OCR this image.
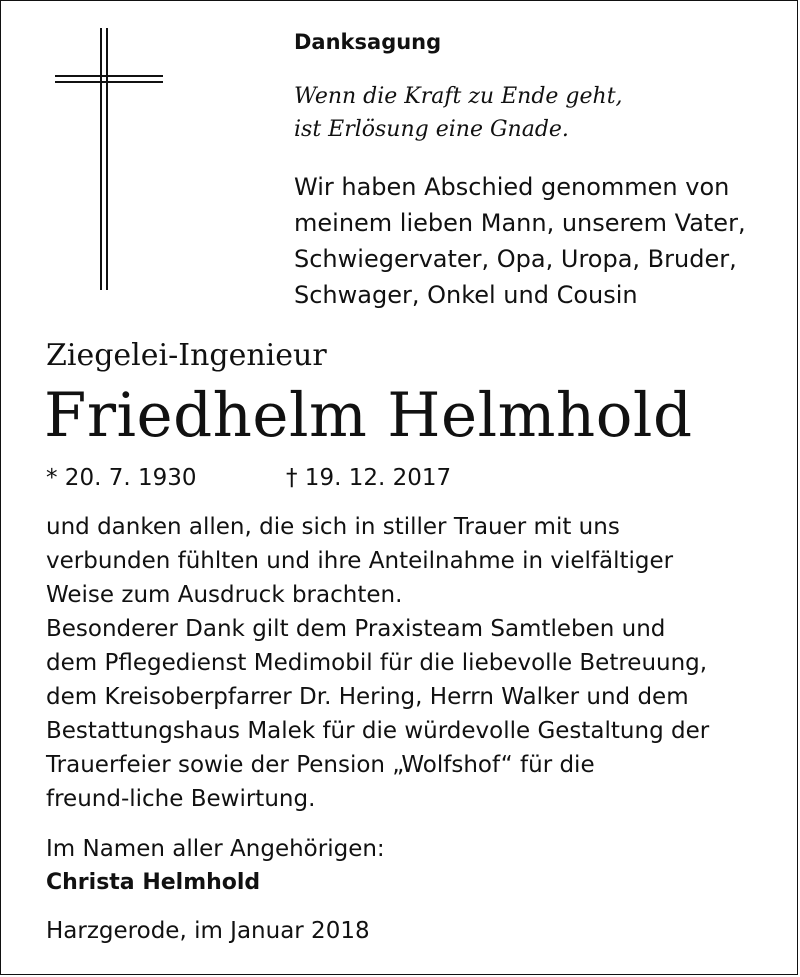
Danksagung
Wenn die Kraft zu Ende geht,
ist Erlösung eine Gnade.
Wir haben Abschied genommen von
meinem lieben Mann, unserem Vater,
Schwiegervater, Opa, Uropa, Bruder,
Schwager, Onkel und Cousin
Ziegelei-Ingenieur
Friedhelm Helmhold
* 20. 7. 1930	† 19. 12. 2017
und danken allen, die sich in stiller Trauer mit uns
verbunden fühlten und ihre Anteilnahme in vielfältiger
Weise zum Ausdruck brachten.
Besonderer Dank gilt dem Praxisteam Samtleben und
dem Pflegedienst Medimobil für die liebevolle Betreuung,
dem Kreisoberpfarrer Dr. Hering, Herrn Walker und dem
Bestattungshaus Malek für die würdevolle Gestaltung der
Trauerfeier sowie der Pension „Wolfshof“ für die
freund-liche Bewirtung.
Im Namen aller Angehörigen:
Christa Helmhold
Harzgerode, im Januar 2018
